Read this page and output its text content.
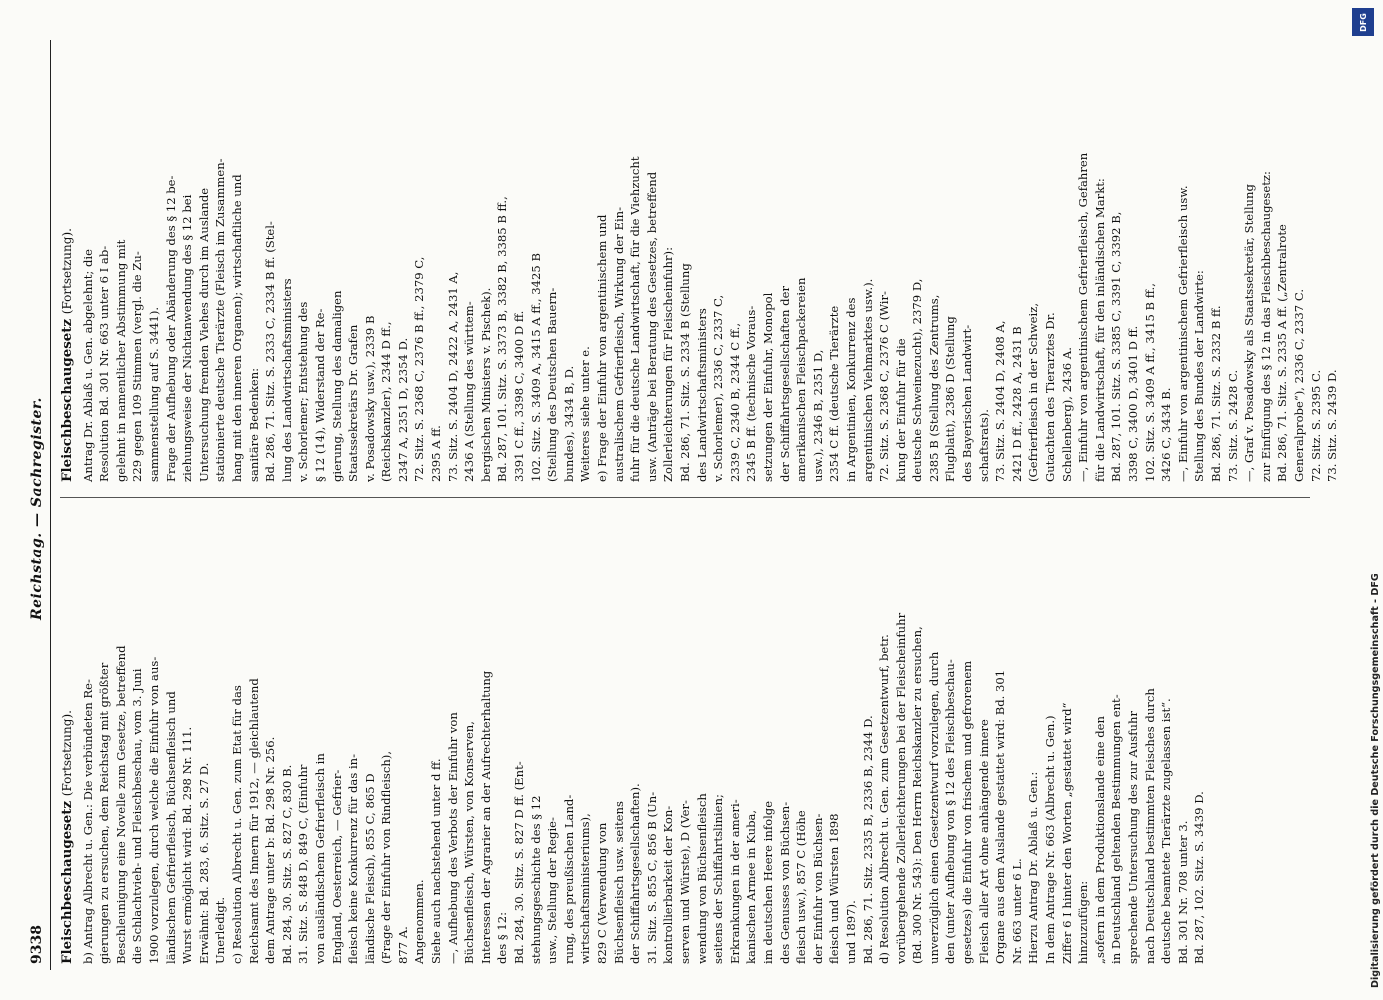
9338
Reichstag. — Sachregister.
Fleischbeschaugesetz (Fortsetzung). b) Antrag Albrecht u. Gen.: Die verbündeten Re- gierungen zu ersuchen, dem Reichstag mit größter Beschleunigung eine Novelle zum Gesetze, betreffend die Schlachtvieh- und Fleischbeschau, vom 3. Juni 1900 vorzulegen, durch welche die Einfuhr von aus- ländischem Gefrierfleisch, Büchsenfleisch und Wurst ermöglicht wird: Bd. 298 Nr. 111. Erwähnt: Bd. 283, 6. Sitz. S. 27 D. Unerledigt. c) Resolution Albrecht u. Gen. zum Etat für das Reichsamt des Innern für 1912, — gleichlautend dem Antrage unter b: Bd. 298 Nr. 256. Bd. 284, 30. Sitz. S. 827 C, 830 B. 31. Sitz. S. 848 D, 849 C, (Einfuhr von ausländischem Gefrierfleisch in England, Oesterreich, — Gefrier- fleisch keine Konkurrenz für das in- ländische Fleisch), 855 C, 865 D (Frage der Einfuhr von Rindfleisch), 877 A. Angenommen. Siehe auch nachstehend unter d ff. —, Aufhebung des Verbots der Einfuhr von Büchsenfleisch, Würsten, von Konserven, Interessen der Agrarier an der Aufrechterhaltung des § 12: Bd. 284, 30. Sitz. S. 827 D ff. (Ent- stehungsgeschichte des § 12 usw., Stellung der Regie- rung, des preußischen Land- wirtschaftsministeriums), 829 C (Verwendung von Büchsenfleisch usw. seitens der Schiffahrtsgesellschaften). 31. Sitz. S. 855 C, 856 B (Un- kontrollierbarkeit der Kon- serven und Würste), D (Ver- wendung von Büchsenfleisch seitens der Schiffahrtslinien; Erkrankungen in der ameri- kanischen Armee in Kuba, im deutschen Heere infolge des Genusses von Büchsen- fleisch usw.), 857 C (Höhe der Einfuhr von Büchsen- fleisch und Würsten 1898 und 1897). Bd. 286, 71. Sitz. 2335 B, 2336 B, 2344 D. d) Resolution Albrecht u. Gen. zum Gesetzentwurf, betr. vorübergehende Zollerleichterungen bei der Fleischeinfuhr (Bd. 300 Nr. 543): Den Herrn Reichskanzler zu ersuchen, unverzüglich einen Gesetzentwurf vorzulegen, durch den (unter Aufhebung von § 12 des Fleischbeschau- gesetzes) die Einfuhr von frischem und gefrorenem Fleisch aller Art ohne anhängende innere Organe aus dem Auslande gestattet wird: Bd. 301 Nr. 663 unter 6 L. Hierzu Antrag Dr. Ablaß u. Gen.: In dem Antrage Nr. 663 (Albrecht u. Gen.) Ziffer 6 I hinter den Worten „gestattet wird“ hinzuzufügen: „sofern in dem Produktionslande eine den in Deutschland geltenden Bestimmungen ent- sprechende Untersuchung des zur Ausfuhr nach Deutschland bestimmten Fleisches durch deutsche beamtete Tierärzte zugelassen ist“. Bd. 301 Nr. 708 unter 3. Bd. 287, 102. Sitz. S. 3439 D.
Fleischbeschaugesetz (Fortsetzung). Antrag Dr. Ablaß u. Gen. abgelehnt; die Resolution Bd. 301 Nr. 663 unter 6 I ab- gelehnt in namentlicher Abstimmung mit 229 gegen 109 Stimmen (vergl. die Zu- sammenstellung auf S. 3441). Frage der Aufhebung oder Abänderung des § 12 be- ziehungsweise der Nichtanwendung des § 12 bei Untersuchung fremden Viehes durch im Auslande stationierte deutsche Tierärzte (Fleisch im Zusammen- hang mit den inneren Organen); wirtschaftliche und sanitäre Bedenken: Bd. 286, 71. Sitz. S. 2333 C, 2334 B ff. (Stel- lung des Landwirtschaftsministers v. Schorlemer; Entstehung des § 12 (14), Widerstand der Re- gierung, Stellung des damaligen Staatssekretärs Dr. Grafen v. Posadowsky usw.), 2339 B (Reichskanzler), 2344 D ff., 2347 A, 2351 D, 2354 D. 72. Sitz. S. 2368 C, 2376 B ff., 2379 C, 2395 A ff. 73. Sitz. S. 2404 D, 2422 A, 2431 A, 2436 A (Stellung des württem- bergischen Ministers v. Pischek). Bd. 287, 101. Sitz. S. 3373 B, 3382 B, 3385 B ff., 3391 C ff., 3398 C, 3400 D ff. 102. Sitz. S. 3409 A, 3415 A ff., 3425 B (Stellung des Deutschen Bauern- bundes), 3434 B, D. Weiteres siehe unter e. e) Frage der Einfuhr von argentinischem und australischem Gefrierfleisch, Wirkung der Ein- fuhr für die deutsche Landwirtschaft, für die Viehzucht usw. (Anträge bei Beratung des Gesetzes, betreffend Zollerleichterungen für Fleischeinfuhr): Bd. 286, 71. Sitz. S. 2334 B (Stellung des Landwirtschaftsministers v. Schorlemer), 2336 C, 2337 C, 2339 C, 2340 B, 2344 C ff., 2345 B ff. (technische Voraus- setzungen der Einfuhr, Monopol der Schiffahrtsgesellschaften der amerikanischen Fleischpackereien usw.), 2346 B, 2351 D, 2354 C ff. (deutsche Tierärzte in Argentinien, Konkurrenz des argentinischen Viehmarktes usw.). 72. Sitz. S. 2368 C, 2376 C (Wir- kung der Einfuhr für die deutsche Schweinezucht), 2379 D, 2385 B (Stellung des Zentrums, Flugblatt), 2386 D (Stellung des Bayerischen Landwirt- schaftsrats). 73. Sitz. S. 2404 D, 2408 A, 2421 D ff., 2428 A, 2431 B (Gefrierfleisch in der Schweiz, Gutachten des Tierarztes Dr. Schellenberg), 2436 A. —, Einfuhr von argentinischem Gefrierfleisch, Gefahren für die Landwirtschaft, für den inländischen Markt: Bd. 287, 101. Sitz. S. 3385 C, 3391 C, 3392 B, 3398 C, 3400 D, 3401 D ff. 102. Sitz. S. 3409 A ff., 3415 B ff., 3426 C, 3434 B. —, Einfuhr von argentinischem Gefrierfleisch usw. Stellung des Bundes der Landwirte: Bd. 286, 71. Sitz. S. 2332 B ff. 73. Sitz. S. 2428 C. —, Graf v. Posadowsky als Staatssekretär, Stellung zur Einfügung des § 12 in das Fleischbeschaugesetz: Bd. 286, 71. Sitz. S. 2335 A ff. („Zentralrote Generalprobe“), 2336 C, 2337 C. 72. Sitz. S. 2395 C. 73. Sitz. S. 2439 D.
DFG
Digitalisierung gefördert durch die Deutsche Forschungsgemeinschaft - DFG
